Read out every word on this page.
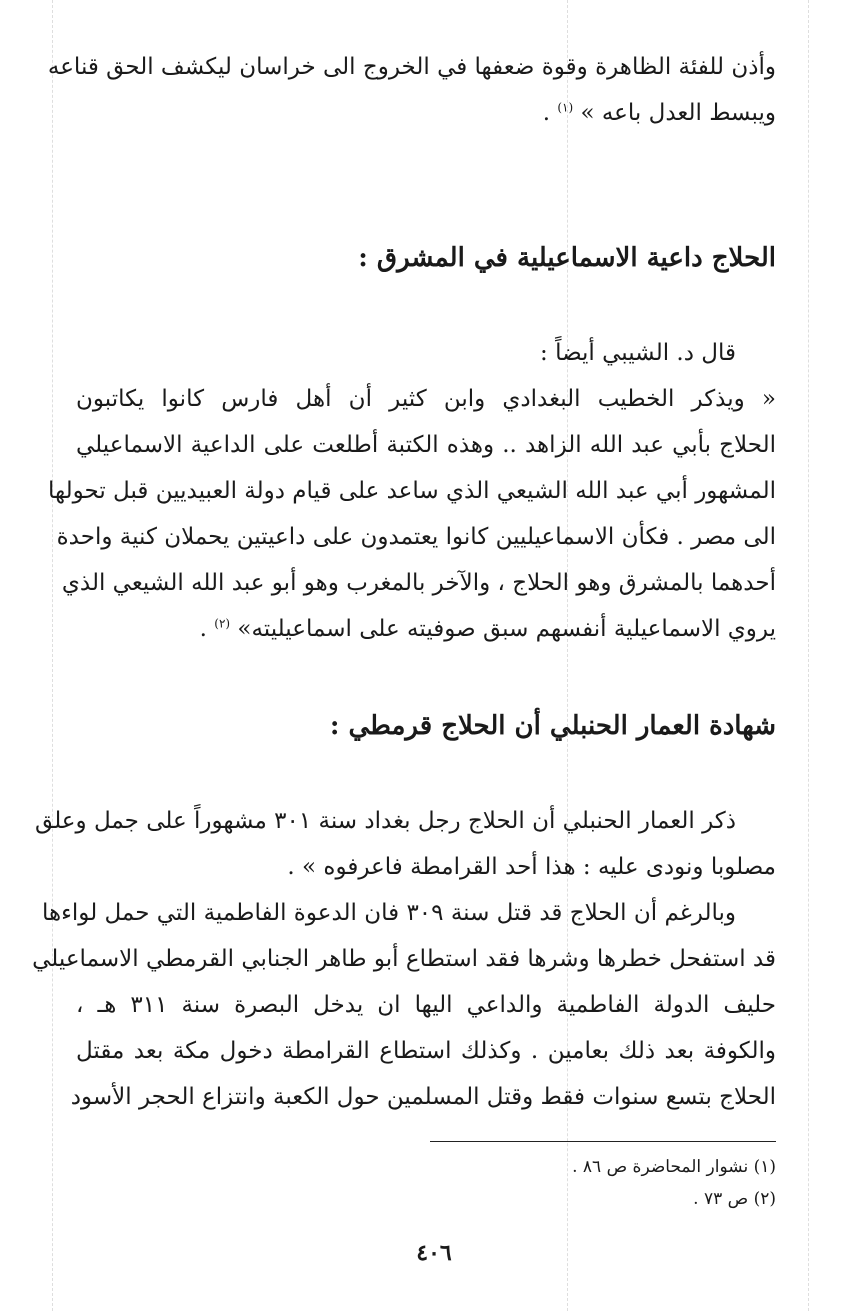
وأذن للفئة الظاهرة وقوة ضعفها في الخروج الى خراسان ليكشف الحق قناعه
ويبسط العدل باعه » $^{(١)}$ .
الحلاج داعية الاسماعيلية في المشرق :
قال د. الشيبي أيضاً :
« ويذكر الخطيب البغدادي وابن كثير أن أهل فارس كانوا يكاتبون
الحلاج بأبي عبد الله الزاهد .. وهذه الكتبة أطلعت على الداعية الاسماعيلي
المشهور أبي عبد الله الشيعي الذي ساعد على قيام دولة العبيديين قبل تحولها
الى مصر . فكأن الاسماعيليين كانوا يعتمدون على داعيتين يحملان كنية واحدة
أحدهما بالمشرق وهو الحلاج ، والآخر بالمغرب وهو أبو عبد الله الشيعي الذي
يروي الاسماعيلية أنفسهم سبق صوفيته على اسماعيليته» $^{(٢)}$ .
شهادة العمار الحنبلي أن الحلاج قرمطي :
ذكر العمار الحنبلي أن الحلاج رجل بغداد سنة ٣٠١ مشهوراً على جمل وعلق
مصلوبا ونودى عليه : هذا أحد القرامطة فاعرفوه » .
وبالرغم أن الحلاج قد قتل سنة ٣٠٩ فان الدعوة الفاطمية التي حمل لواءها
قد استفحل خطرها وشرها فقد استطاع أبو طاهر الجنابي القرمطي الاسماعيلي
حليف الدولة الفاطمية والداعي اليها ان يدخل البصرة سنة ٣١١ هـ ،
والكوفة بعد ذلك بعامين . وكذلك استطاع القرامطة دخول مكة بعد مقتل
الحلاج بتسع سنوات فقط وقتل المسلمين حول الكعبة وانتزاع الحجر الأسود
(١) نشوار المحاضرة ص ٨٦ .
(٢) ص ٧٣ .
٤٠٦
